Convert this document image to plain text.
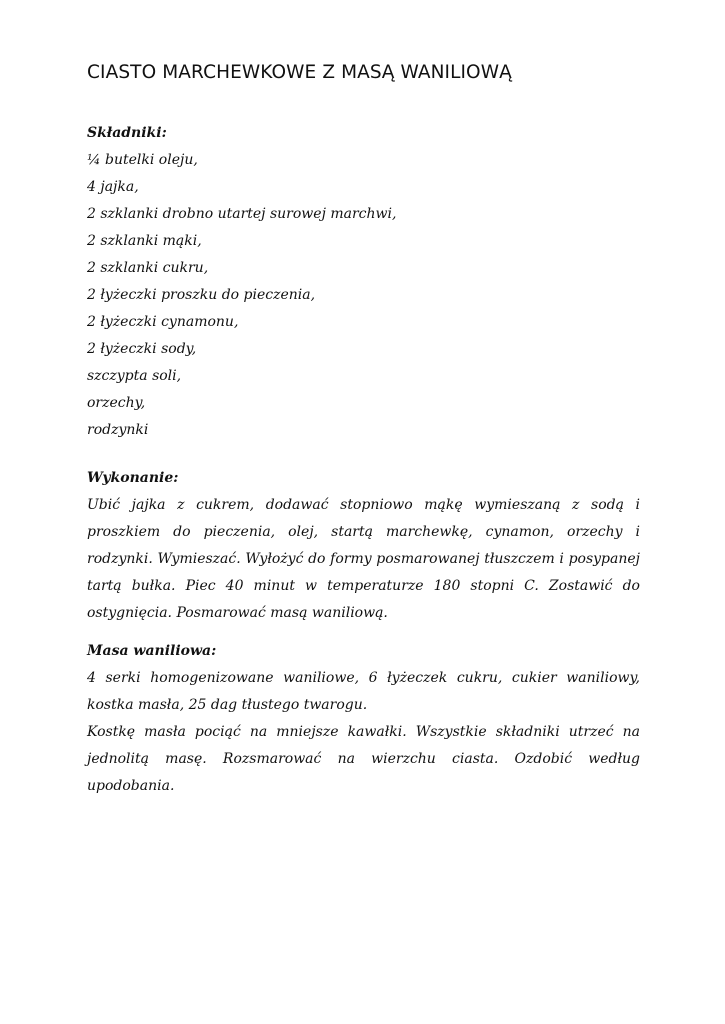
CIASTO MARCHEWKOWE Z MASĄ WANILIOWĄ
Składniki:
¼ butelki oleju,
4 jajka,
2 szklanki drobno utartej surowej marchwi,
2 szklanki mąki,
2 szklanki cukru,
2 łyżeczki proszku do pieczenia,
2 łyżeczki cynamonu,
2 łyżeczki sody,
szczypta soli,
orzechy,
rodzynki
Wykonanie:

Ubić jajka z cukrem, dodawać stopniowo mąkę wymieszaną z sodą i proszkiem do pieczenia, olej, startą marchewkę, cynamon, orzechy i rodzynki. Wymieszać. Wyłożyć do formy posmarowanej tłuszczem i posypanej tartą bułka. Piec 40 minut w temperaturze 180 stopni C. Zostawić do ostygnięcia. Posmarować masą waniliową.

Masa waniliowa:

4 serki homogenizowane waniliowe, 6 łyżeczek cukru, cukier waniliowy, kostka masła, 25 dag tłustego twarogu.

Kostkę masła pociąć na mniejsze kawałki. Wszystkie składniki utrzeć na jednolitą masę. Rozsmarować na wierzchu ciasta. Ozdobić według upodobania.
